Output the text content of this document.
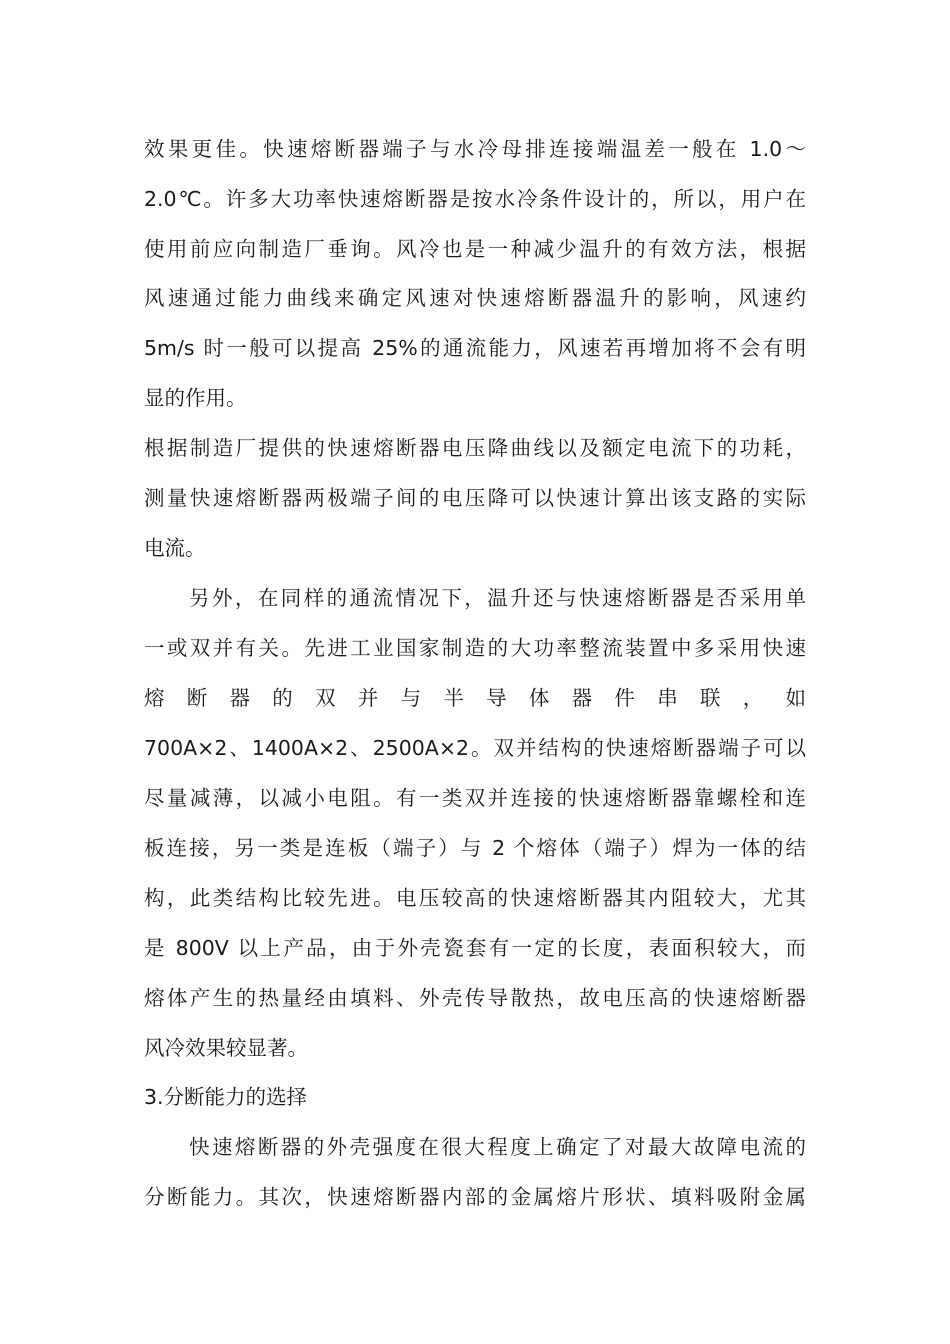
效果更佳。快速熔断器端子与水冷母排连接端温差一般在 1.0～
2.0℃。许多大功率快速熔断器是按水冷条件设计的，所以，用户在
使用前应向制造厂垂询。风冷也是一种减少温升的有效方法，根据
风速通过能力曲线来确定风速对快速熔断器温升的影响，风速约
5m/s 时一般可以提高 25%的通流能力，风速若再增加将不会有明
显的作用。
根据制造厂提供的快速熔断器电压降曲线以及额定电流下的功耗，
测量快速熔断器两极端子间的电压降可以快速计算出该支路的实际
电流。
另外，在同样的通流情况下，温升还与快速熔断器是否采用单
一或双并有关。先进工业国家制造的大功率整流装置中多采用快速
熔断器的双并与半导体器件串联，如
700A×2、1400A×2、2500A×2。双并结构的快速熔断器端子可以
尽量减薄，以减小电阻。有一类双并连接的快速熔断器靠螺栓和连
板连接，另一类是连板（端子）与 2 个熔体（端子）焊为一体的结
构，此类结构比较先进。电压较高的快速熔断器其内阻较大，尤其
是 800V 以上产品，由于外壳瓷套有一定的长度，表面积较大，而
熔体产生的热量经由填料、外壳传导散热，故电压高的快速熔断器
风冷效果较显著。
3.分断能力的选择
快速熔断器的外壳强度在很大程度上确定了对最大故障电流的
分断能力。其次，快速熔断器内部的金属熔片形状、填料吸附金属
